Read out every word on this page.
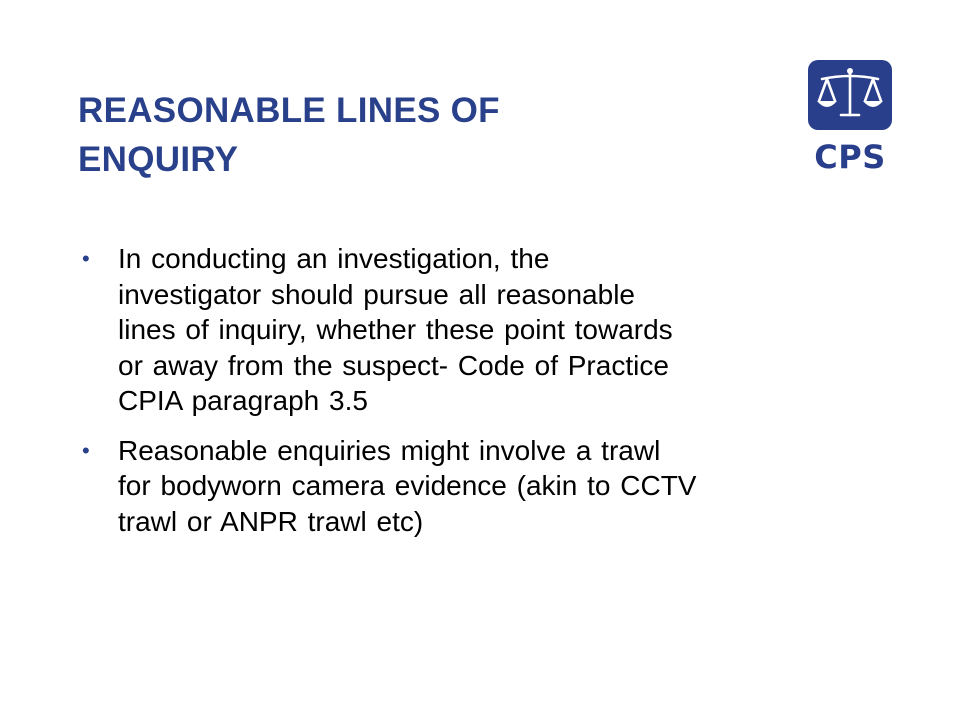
REASONABLE LINES OF
ENQUIRY	CPS
• In conducting an investigation, the
investigator should pursue all reasonable
lines of inquiry, whether these point towards
or away from the suspect- Code of Practice
CPIA paragraph 3.5
• Reasonable enquiries might involve a trawl
for bodyworn camera evidence (akin to CCTV
trawl or ANPR trawl etc)
